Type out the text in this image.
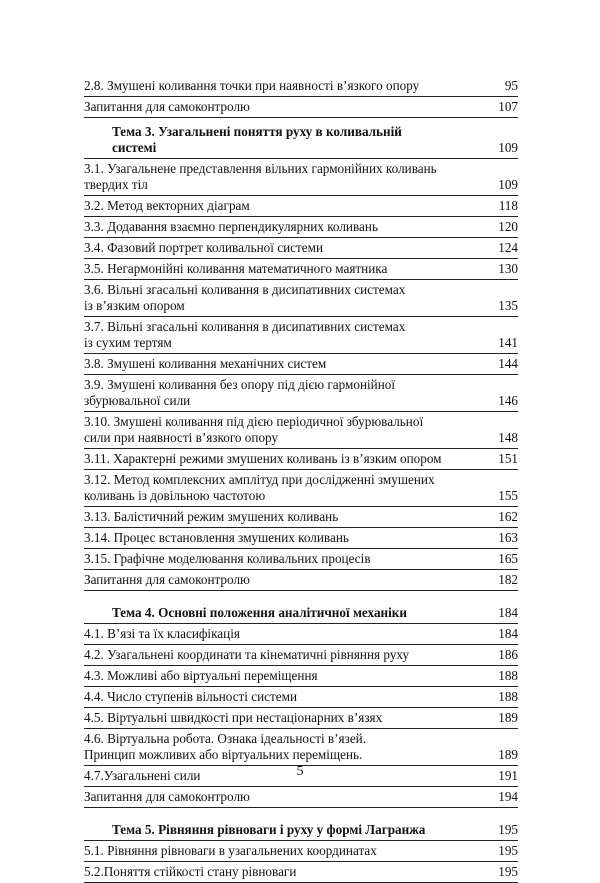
2.8. Змушені коливання точки при наявності в’язкого опору	95
Запитання для самоконтролю	107
Тема 3. Узагальнені поняття руху в коливальній
системі	109
3.1. Узагальнене представлення вільних гармонійних коливань
твердих тіл	109
3.2. Метод векторних діаграм	118
3.3. Додавання взаємно перпендикулярних коливань	120
3.4. Фазовий портрет коливальної системи	124
3.5. Негармонійні коливання математичного маятника	130
3.6. Вільні згасальні коливання в дисипативних системах
із в’язким опором	135
3.7. Вільні згасальні коливання в дисипативних системах
із сухим тертям	141
3.8. Змушені коливання механічних систем	144
3.9. Змушені коливання без опору під дією гармонійної
збурювальної сили	146
3.10. Змушені коливання під дією періодичної збурювальної
сили при наявності в’язкого опору	148
3.11. Характерні режими змушених коливань із в’язким опором	151
3.12. Метод комплексних амплітуд при дослідженні змушених
коливань із довільною частотою	155
3.13. Балістичний режим змушених коливань	162
3.14. Процес встановлення змушених коливань	163
3.15. Графічне моделювання коливальних процесів	165
Запитання для самоконтролю	182
Тема 4. Основні положення аналітичної механіки	184
4.1. В’язі та їх класифікація	184
4.2. Узагальнені координати та кінематичні рівняння руху	186
4.3. Можливі або віртуальні переміщення	188
4.4. Число ступенів вільності системи	188
4.5. Віртуальні швидкості при нестаціонарних в’язях	189
4.6. Віртуальна робота. Ознака ідеальності в’язей.
Принцип можливих або віртуальних переміщень.	189
4.7.Узагальнені сили	191
Запитання для самоконтролю	194
Тема 5. Рівняння рівноваги і руху у формі Лагранжа	195
5.1. Рівняння рівноваги в узагальнених координатах	195
5.2.Поняття стійкості стану рівноваги	195
5
